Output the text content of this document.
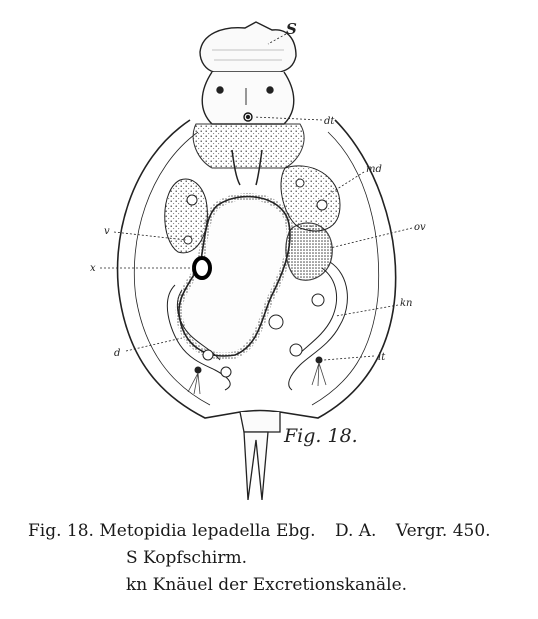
S
dt
md
v	ov
x
kn
d	lt
Fig. 18.
Fig. 18. Metopidia lepadella Ebg. D. A. Vergr. 450.
S Kopfschirm.
kn Knäuel der Excretionskanäle.
